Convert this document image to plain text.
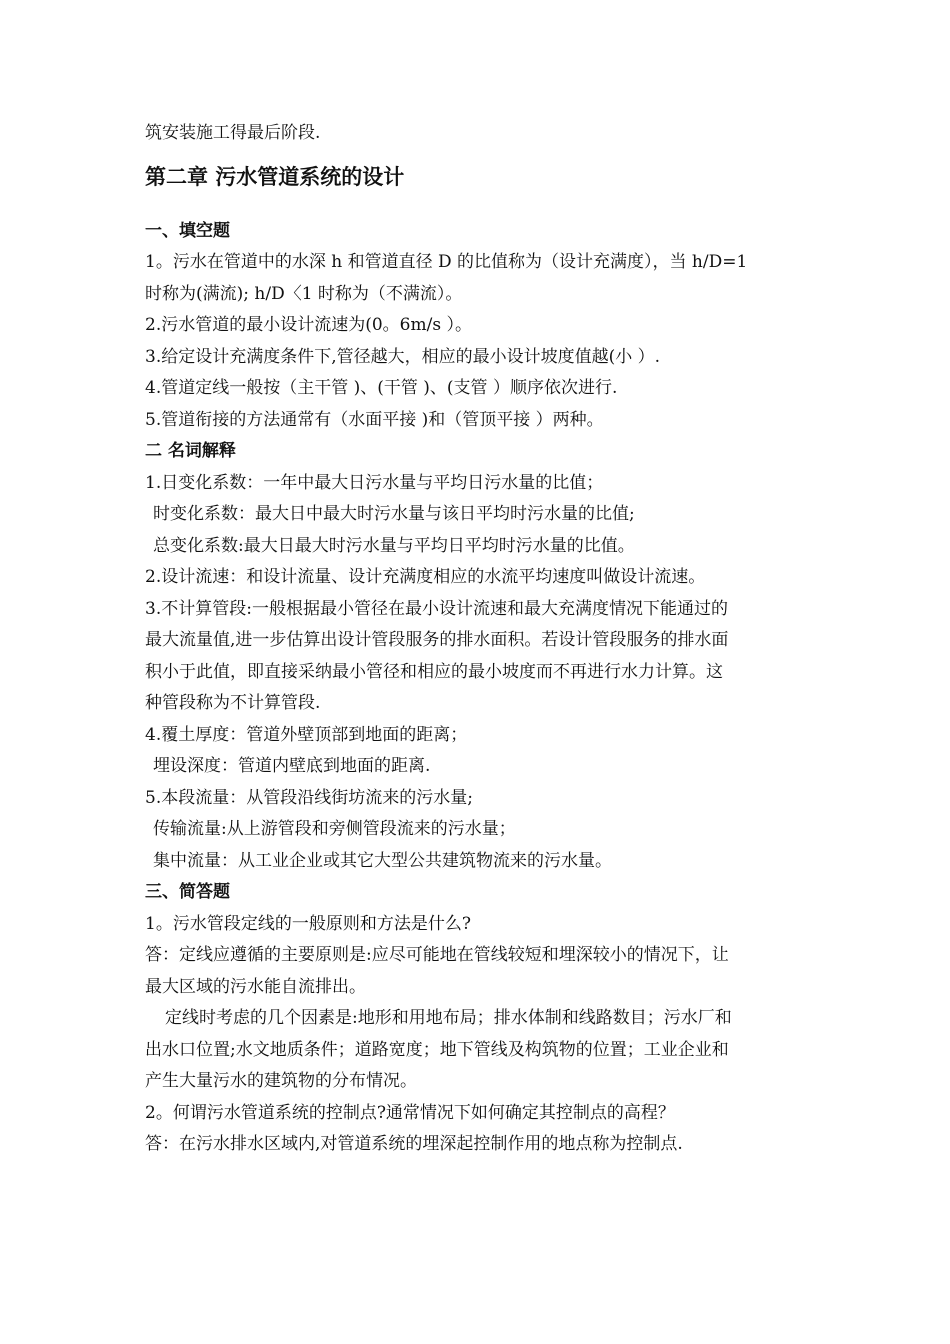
筑安装施工得最后阶段.

第二章 污水管道系统的设计
一、填空题

1。污水在管道中的水深 h 和管道直径 D 的比值称为（设计充满度），当 h/D=1

时称为(满流); h/D〈1 时称为（不满流）。

2.污水管道的最小设计流速为(0。6m/s ）。

3.给定设计充满度条件下,管径越大，相应的最小设计坡度值越(小 ）.

4.管道定线一般按（主干管 )、(干管 )、(支管 ）顺序依次进行.

5.管道衔接的方法通常有（水面平接 )和（管顶平接 ）两种。

二 名词解释

1.日变化系数：一年中最大日污水量与平均日污水量的比值；

时变化系数：最大日中最大时污水量与该日平均时污水量的比值;

总变化系数:最大日最大时污水量与平均日平均时污水量的比值。

2.设计流速：和设计流量、设计充满度相应的水流平均速度叫做设计流速。

3.不计算管段:一般根据最小管径在最小设计流速和最大充满度情况下能通过的

最大流量值,进一步估算出设计管段服务的排水面积。若设计管段服务的排水面

积小于此值，即直接采纳最小管径和相应的最小坡度而不再进行水力计算。这

种管段称为不计算管段.

4.覆土厚度：管道外壁顶部到地面的距离；

埋设深度：管道内壁底到地面的距离.

5.本段流量：从管段沿线街坊流来的污水量;

传输流量:从上游管段和旁侧管段流来的污水量；

集中流量：从工业企业或其它大型公共建筑物流来的污水量。

三、简答题

1。污水管段定线的一般原则和方法是什么?

答：定线应遵循的主要原则是:应尽可能地在管线较短和埋深较小的情况下，让

最大区域的污水能自流排出。

定线时考虑的几个因素是:地形和用地布局；排水体制和线路数目；污水厂和

出水口位置;水文地质条件；道路宽度；地下管线及构筑物的位置；工业企业和

产生大量污水的建筑物的分布情况。

2。何谓污水管道系统的控制点?通常情况下如何确定其控制点的高程？

答：在污水排水区域内,对管道系统的埋深起控制作用的地点称为控制点.
